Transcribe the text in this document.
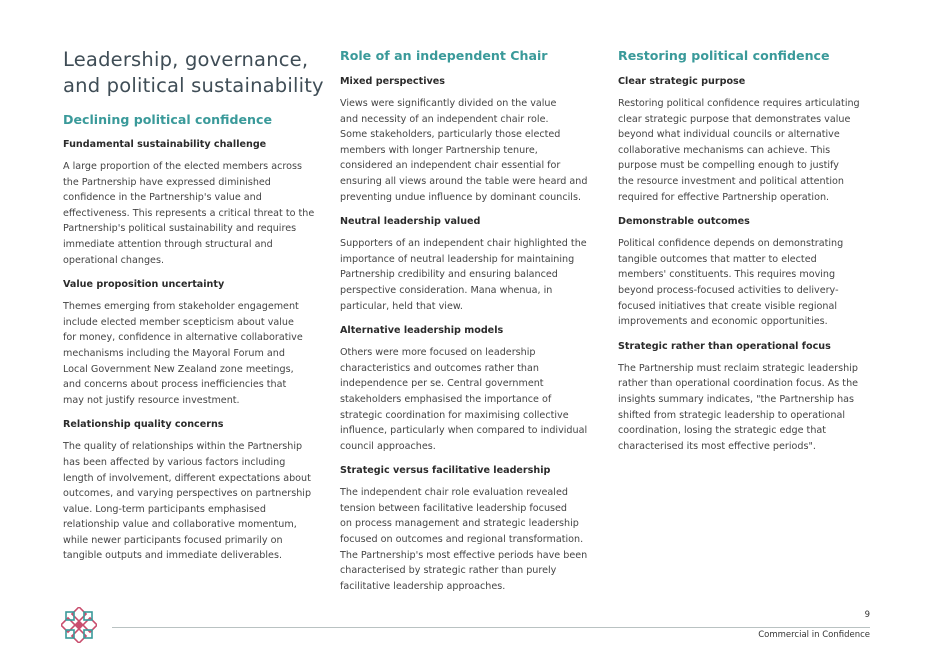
Leadership, governance,
and political sustainability
Declining political confidence
Fundamental sustainability challenge

A large proportion of the elected members across
the Partnership have expressed diminished
confidence in the Partnership's value and
effectiveness. This represents a critical threat to the
Partnership's political sustainability and requires
immediate attention through structural and
operational changes.

Value proposition uncertainty

Themes emerging from stakeholder engagement
include elected member scepticism about value
for money, confidence in alternative collaborative
mechanisms including the Mayoral Forum and
Local Government New Zealand zone meetings,
and concerns about process inefficiencies that
may not justify resource investment.

Relationship quality concerns

The quality of relationships within the Partnership
has been affected by various factors including
length of involvement, different expectations about
outcomes, and varying perspectives on partnership
value. Long-term participants emphasised
relationship value and collaborative momentum,
while newer participants focused primarily on
tangible outputs and immediate deliverables.

Role of an independent Chair
Mixed perspectives

Views were significantly divided on the value
and necessity of an independent chair role.
Some stakeholders, particularly those elected
members with longer Partnership tenure,
considered an independent chair essential for
ensuring all views around the table were heard and
preventing undue influence by dominant councils.

Neutral leadership valued

Supporters of an independent chair highlighted the
importance of neutral leadership for maintaining
Partnership credibility and ensuring balanced
perspective consideration. Mana whenua, in
particular, held that view.

Alternative leadership models

Others were more focused on leadership
characteristics and outcomes rather than
independence per se. Central government
stakeholders emphasised the importance of
strategic coordination for maximising collective
influence, particularly when compared to individual
council approaches.

Strategic versus facilitative leadership

The independent chair role evaluation revealed
tension between facilitative leadership focused
on process management and strategic leadership
focused on outcomes and regional transformation.
The Partnership's most effective periods have been
characterised by strategic rather than purely
facilitative leadership approaches.

Restoring political confidence
Clear strategic purpose

Restoring political confidence requires articulating
clear strategic purpose that demonstrates value
beyond what individual councils or alternative
collaborative mechanisms can achieve. This
purpose must be compelling enough to justify
the resource investment and political attention
required for effective Partnership operation.

Demonstrable outcomes

Political confidence depends on demonstrating
tangible outcomes that matter to elected
members' constituents. This requires moving
beyond process-focused activities to delivery-
focused initiatives that create visible regional
improvements and economic opportunities.

Strategic rather than operational focus

The Partnership must reclaim strategic leadership
rather than operational coordination focus. As the
insights summary indicates, "the Partnership has
shifted from strategic leadership to operational
coordination, losing the strategic edge that
characterised its most effective periods".

9
Commercial in Confidence
